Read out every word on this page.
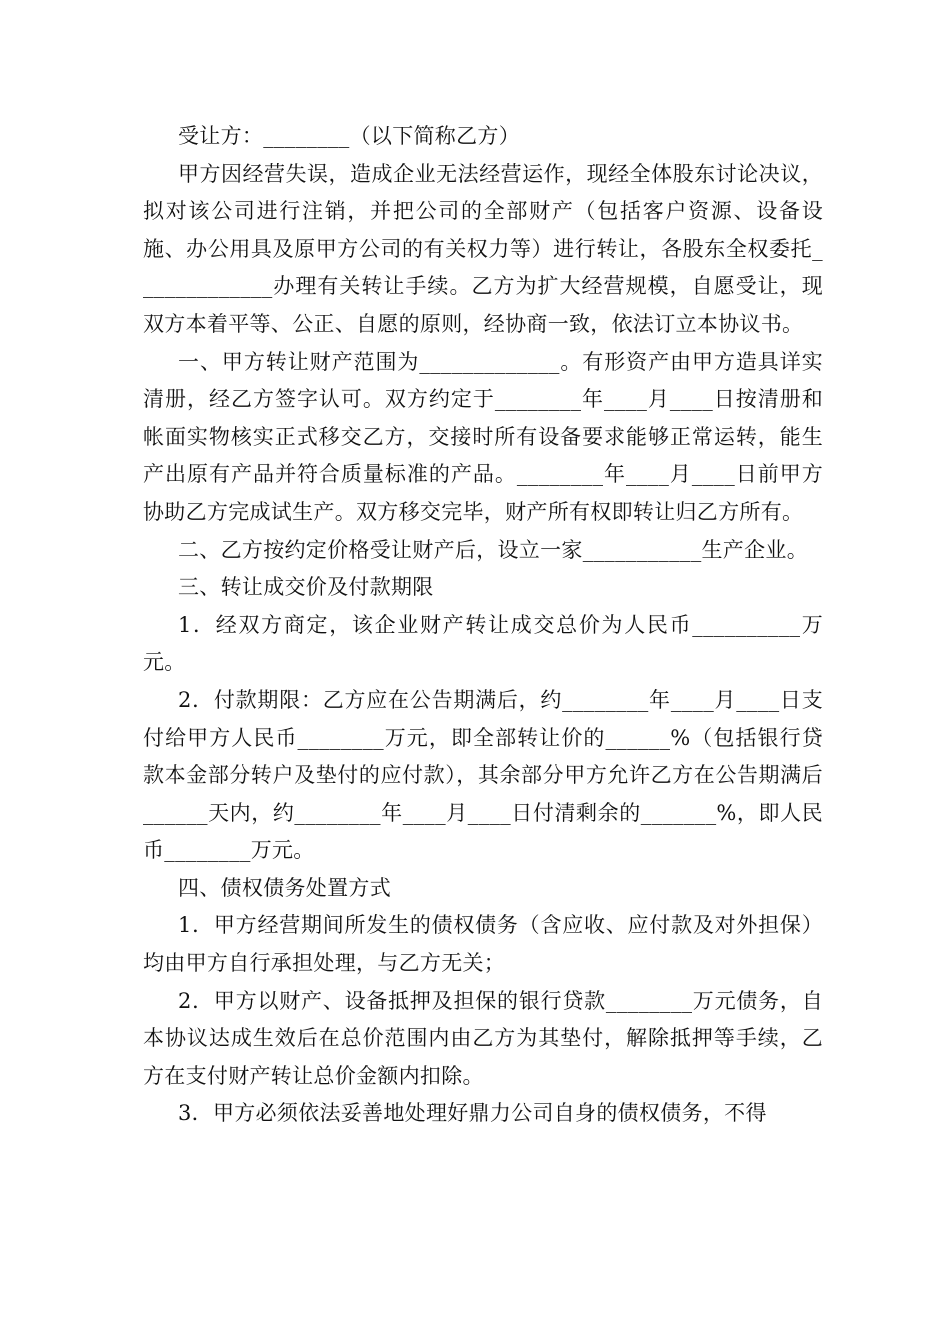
受让方：________（以下简称乙方）

甲方因经营失误，造成企业无法经营运作，现经全体股东讨论决议，拟对该公司进行注销，并把公司的全部财产（包括客户资源、设备设施、办公用具及原甲方公司的有关权力等）进行转让，各股东全权委托_____________办理有关转让手续。乙方为扩大经营规模，自愿受让，现双方本着平等、公正、自愿的原则，经协商一致，依法订立本协议书。

一、甲方转让财产范围为_____________。有形资产由甲方造具详实清册，经乙方签字认可。双方约定于________年____月____日按清册和帐面实物核实正式移交乙方，交接时所有设备要求能够正常运转，能生产出原有产品并符合质量标准的产品。________年____月____日前甲方协助乙方完成试生产。双方移交完毕，财产所有权即转让归乙方所有。

二、乙方按约定价格受让财产后，设立一家___________生产企业。

三、转让成交价及付款期限

1．经双方商定，该企业财产转让成交总价为人民币__________万元。

2．付款期限：乙方应在公告期满后，约________年____月____日支付给甲方人民币________万元，即全部转让价的______%（包括银行贷款本金部分转户及垫付的应付款），其余部分甲方允许乙方在公告期满后______天内，约________年____月____日付清剩余的_______%，即人民币________万元。

四、债权债务处置方式

1．甲方经营期间所发生的债权债务（含应收、应付款及对外担保）均由甲方自行承担处理，与乙方无关；

2．甲方以财产、设备抵押及担保的银行贷款________万元债务，自本协议达成生效后在总价范围内由乙方为其垫付，解除抵押等手续，乙方在支付财产转让总价金额内扣除。

3．甲方必须依法妥善地处理好鼎力公司自身的债权债务，不得
